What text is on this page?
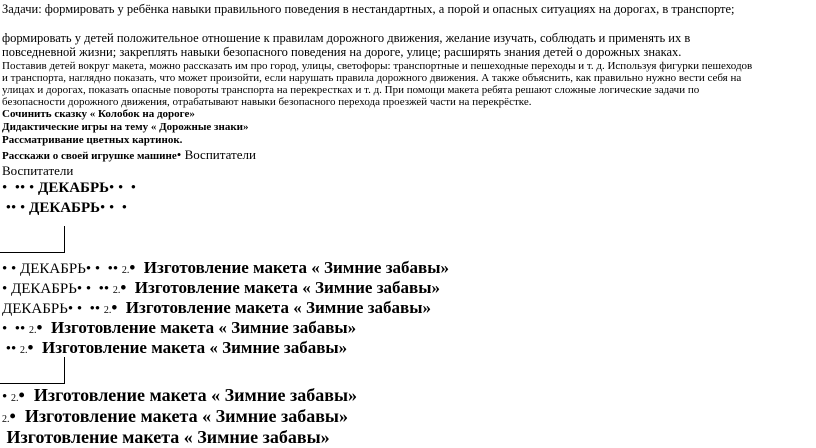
Задачи: формировать у ребёнка навыки правильного поведения в нестандартных, а порой и опасных ситуациях на дорогах, в транспорте;
формировать у детей положительное отношение к правилам дорожного движения, желание изучать, соблюдать и применять их в
повседневной жизни; закреплять навыки безопасного поведения на дороге, улице; расширять знания детей о дорожных знаках.
Поставив детей вокруг макета, можно рассказать им про город, улицы, светофоры: транспортные и пешеходные переходы и т. д. Используя фигурки пешеходов
и транспорта, наглядно показать, что может произойти, если нарушать правила дорожного движения. А также объяснить, как правильно нужно вести себя на
улицах и дорогах, показать опасные повороты транспорта на перекрестках и т. д. При помощи макета ребята решают сложные логические задачи по
безопасности дорожного движения, отрабатывают навыки безопасного перехода проезжей части на перекрёстке.
Сочинить сказку « Колобок на дороге»
Дидактические игры на тему « Дорожные знаки»
Рассматривание цветных картинок.
Расскажи о своей игрушке машине• Воспитатели
Воспитатели
•  •• • ДЕКАБРЬ• •  •
•• • ДЕКАБРЬ• •  •
• • ДЕКАБРЬ• •  •• 2.•  Изготовление макета « Зимние забавы»
• ДЕКАБРЬ• •  •• 2.•  Изготовление макета « Зимние забавы»
ДЕКАБРЬ• •  •• 2.•  Изготовление макета « Зимние забавы»
•  •• 2.•  Изготовление макета « Зимние забавы»
•• 2.•  Изготовление макета « Зимние забавы»
• 2.•  Изготовление макета « Зимние забавы»
2.•  Изготовление макета « Зимние забавы»
Изготовление макета « Зимние забавы»
